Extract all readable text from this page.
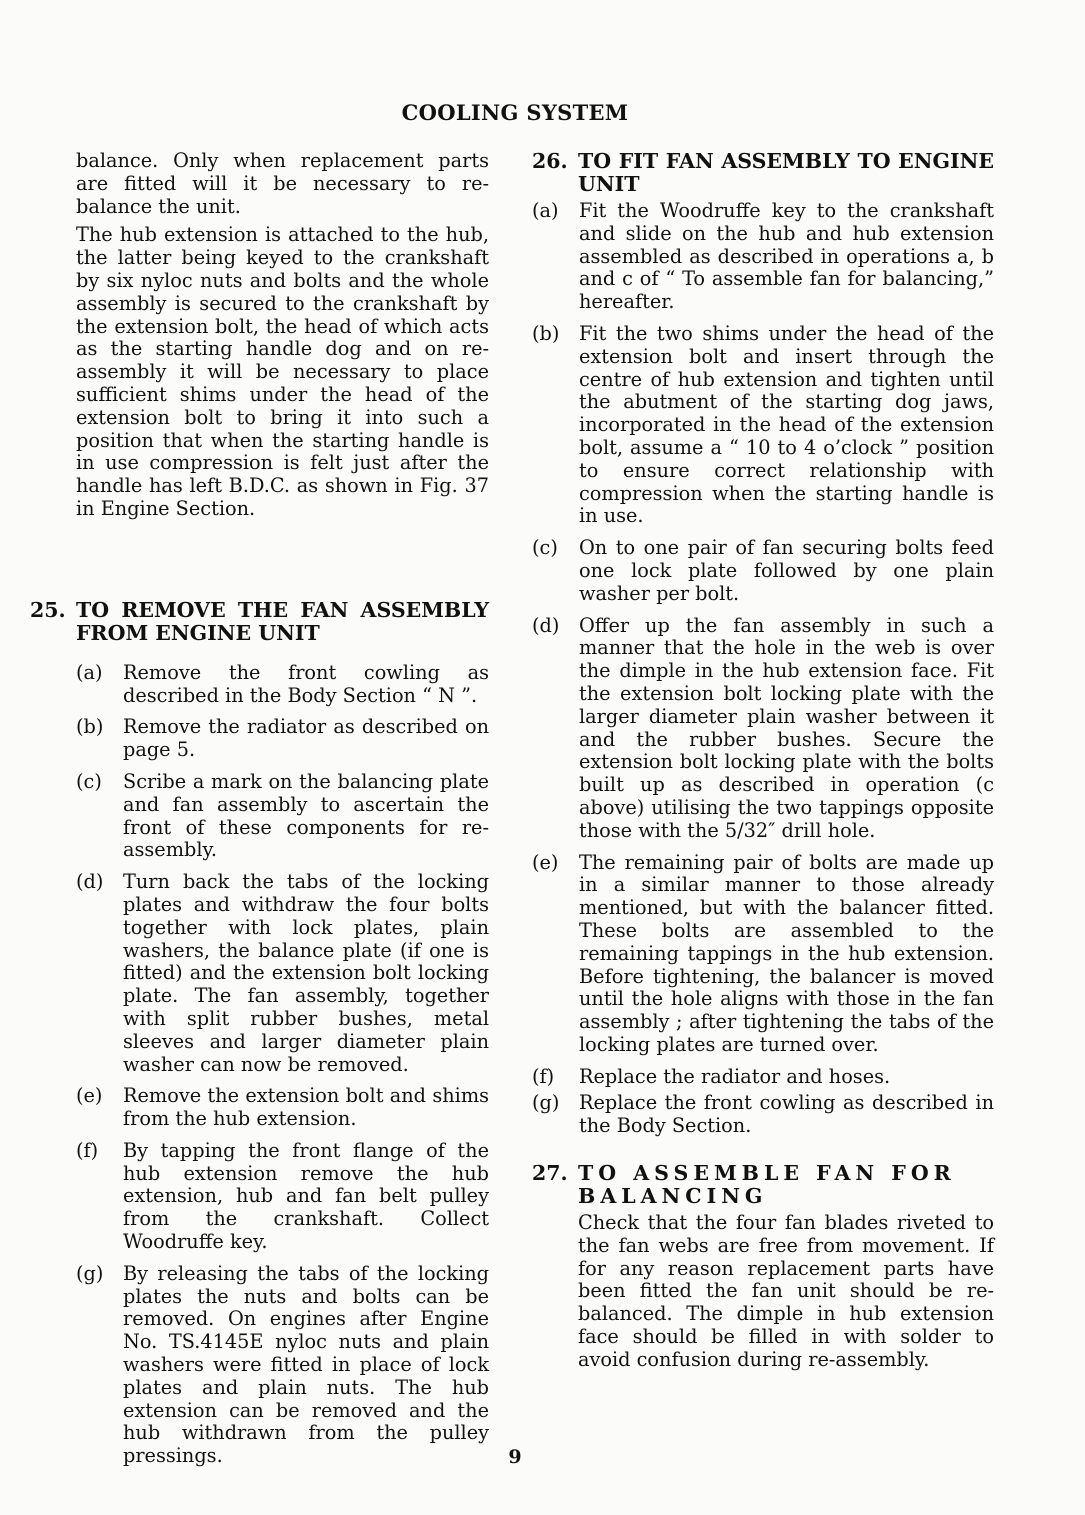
COOLING SYSTEM

balance. Only when replacement parts are fitted will it be necessary to re-balance the unit.

The hub extension is attached to the hub, the latter being keyed to the crankshaft by six nyloc nuts and bolts and the whole assembly is secured to the crankshaft by the extension bolt, the head of which acts as the starting handle dog and on re-assembly it will be necessary to place sufficient shims under the head of the extension bolt to bring it into such a position that when the starting handle is in use compression is felt just after the handle has left B.D.C. as shown in Fig. 37 in Engine Section.

25. TO REMOVE THE FAN ASSEMBLY FROM ENGINE UNIT
(a)	Remove the front cowling as described in the Body Section “ N ”.
(b)	Remove the radiator as described on page 5.
(c)	Scribe a mark on the balancing plate and fan assembly to ascertain the front of these components for re-assembly.
(d)	Turn back the tabs of the locking plates and withdraw the four bolts together with lock plates, plain washers, the balance plate (if one is fitted) and the extension bolt locking plate. The fan assembly, together with split rubber bushes, metal sleeves and larger diameter plain washer can now be removed.
(e)	Remove the extension bolt and shims from the hub extension.
(f)	By tapping the front flange of the hub extension remove the hub extension, hub and fan belt pulley from the crankshaft. Collect Woodruffe key.
(g)	By releasing the tabs of the locking plates the nuts and bolts can be removed. On engines after Engine No. TS.4145E nyloc nuts and plain washers were fitted in place of lock plates and plain nuts. The hub extension can be removed and the hub withdrawn from the pulley pressings.
26. TO FIT FAN ASSEMBLY TO ENGINE UNIT
(a)	Fit the Woodruffe key to the crankshaft and slide on the hub and hub extension assembled as described in operations a, b and c of “ To assemble fan for balancing,” hereafter.
(b)	Fit the two shims under the head of the extension bolt and insert through the centre of hub extension and tighten until the abutment of the starting dog jaws, incorporated in the head of the extension bolt, assume a “ 10 to 4 o’clock ” position to ensure correct relationship with compression when the starting handle is in use.
(c)	On to one pair of fan securing bolts feed one lock plate followed by one plain washer per bolt.
(d)	Offer up the fan assembly in such a manner that the hole in the web is over the dimple in the hub extension face. Fit the extension bolt locking plate with the larger diameter plain washer between it and the rubber bushes. Secure the extension bolt locking plate with the bolts built up as described in operation (c above) utilising the two tappings opposite those with the 5/32″ drill hole.
(e)	The remaining pair of bolts are made up in a similar manner to those already mentioned, but with the balancer fitted. These bolts are assembled to the remaining tappings in the hub extension. Before tightening, the balancer is moved until the hole aligns with those in the fan assembly ; after tightening the tabs of the locking plates are turned over.
(f)	Replace the radiator and hoses.
(g)	Replace the front cowling as described in the Body Section.
27. TO ASSEMBLE FAN FOR BALANCING

Check that the four fan blades riveted to the fan webs are free from movement. If for any reason replacement parts have been fitted the fan unit should be re-balanced. The dimple in hub extension face should be filled in with solder to avoid confusion during re-assembly.

9
